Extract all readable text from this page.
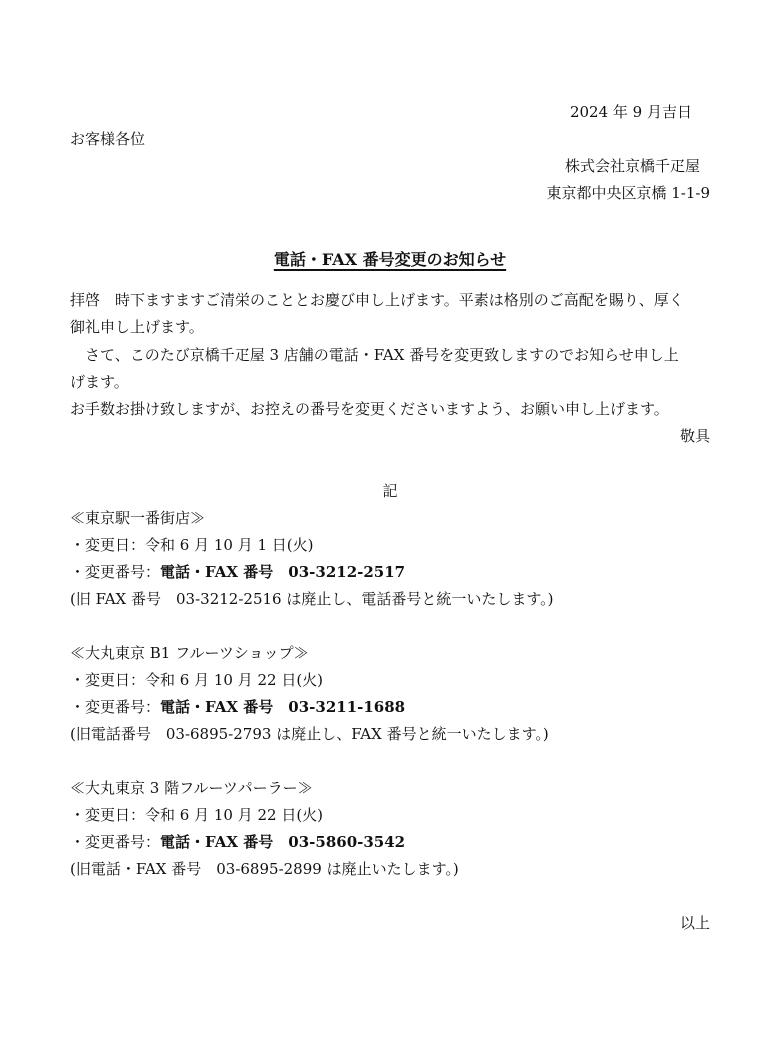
2024 年 9 月吉日
お客様各位
株式会社京橋千疋屋
東京都中央区京橋 1-1-9
電話・FAX 番号変更のお知らせ
拝啓　時下ますますご清栄のこととお慶び申し上げます。平素は格別のご高配を賜り、厚く
御礼申し上げます。
さて、このたび京橋千疋屋 3 店舗の電話・FAX 番号を変更致しますのでお知らせ申し上
げます。
お手数お掛け致しますが、お控えの番号を変更くださいますよう、お願い申し上げます。
敬具
記
≪東京駅一番街店≫
・変更日：令和 6 月 10 月 1 日(火)
・変更番号：電話・FAX 番号　03-3212-2517
(旧 FAX 番号　03-3212-2516 は廃止し、電話番号と統一いたします。)
≪大丸東京 B1 フルーツショップ≫
・変更日：令和 6 月 10 月 22 日(火)
・変更番号：電話・FAX 番号　03-3211-1688
(旧電話番号　03-6895-2793 は廃止し、FAX 番号と統一いたします。)
≪大丸東京 3 階フルーツパーラー≫
・変更日：令和 6 月 10 月 22 日(火)
・変更番号：電話・FAX 番号　03-5860-3542
(旧電話・FAX 番号　03-6895-2899 は廃止いたします。)
以上
